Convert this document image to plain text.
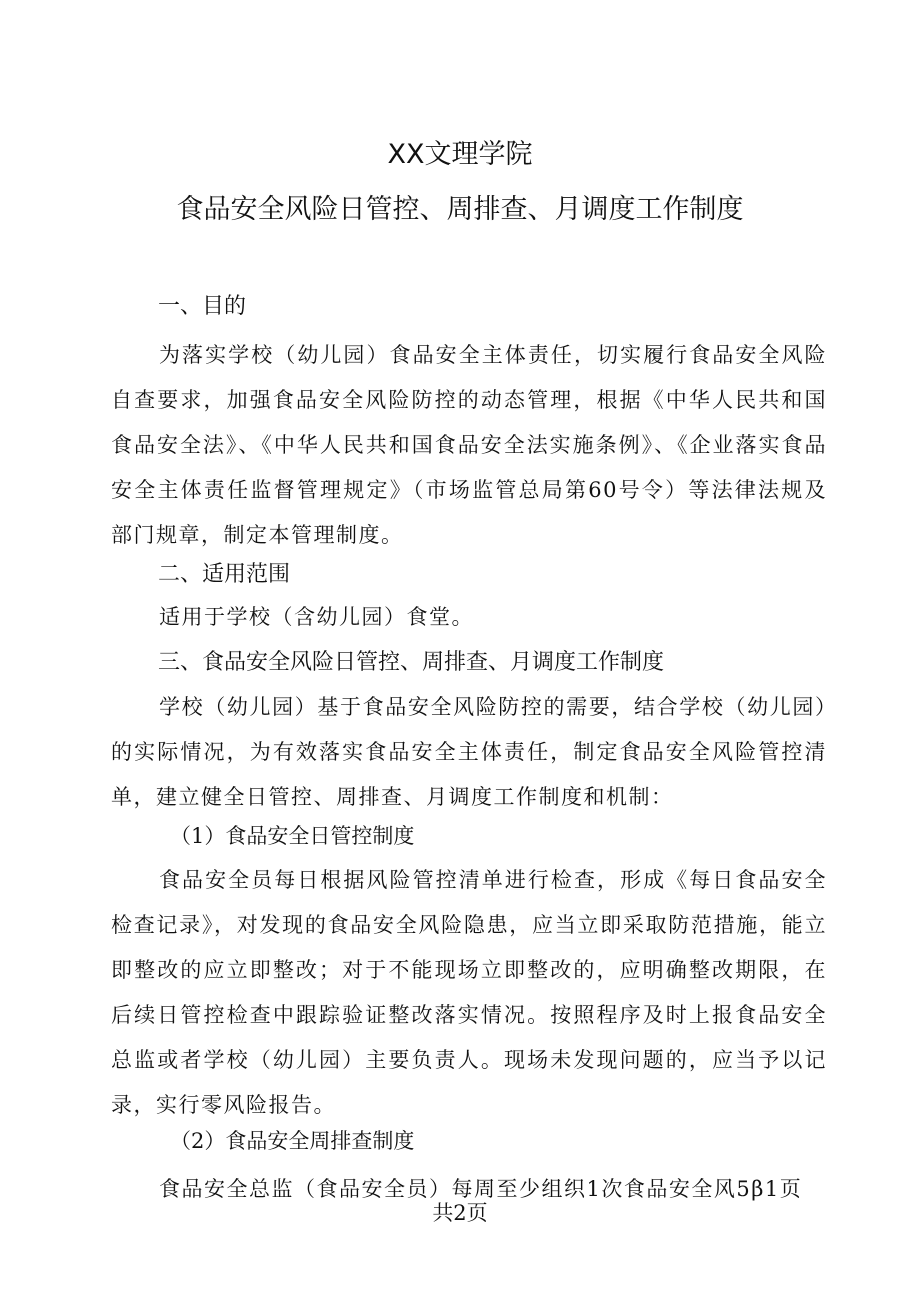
XX文理学院
食品安全风险日管控、周排查、月调度工作制度
一、目的

为落实学校（幼儿园）食品安全主体责任，切实履行食品安全风险自查要求，加强食品安全风险防控的动态管理，根据《中华人民共和国食品安全法》、《中华人民共和国食品安全法实施条例》、《企业落实食品安全主体责任监督管理规定》（市场监管总局第60号令）等法律法规及部门规章，制定本管理制度。

二、适用范围

适用于学校（含幼儿园）食堂。

三、食品安全风险日管控、周排查、月调度工作制度

学校（幼儿园）基于食品安全风险防控的需要，结合学校（幼儿园）的实际情况，为有效落实食品安全主体责任，制定食品安全风险管控清单，建立健全日管控、周排查、月调度工作制度和机制：

（1）食品安全日管控制度

食品安全员每日根据风险管控清单进行检查，形成《每日食品安全检查记录》，对发现的食品安全风险隐患，应当立即采取防范措施，能立即整改的应立即整改；对于不能现场立即整改的，应明确整改期限，在后续日管控检查中跟踪验证整改落实情况。按照程序及时上报食品安全总监或者学校（幼儿园）主要负责人。现场未发现问题的，应当予以记录，实行零风险报告。

（2）食品安全周排查制度
食品安全总监（食品安全员）每周至少组织1次食品安全风5β1页
共2页
